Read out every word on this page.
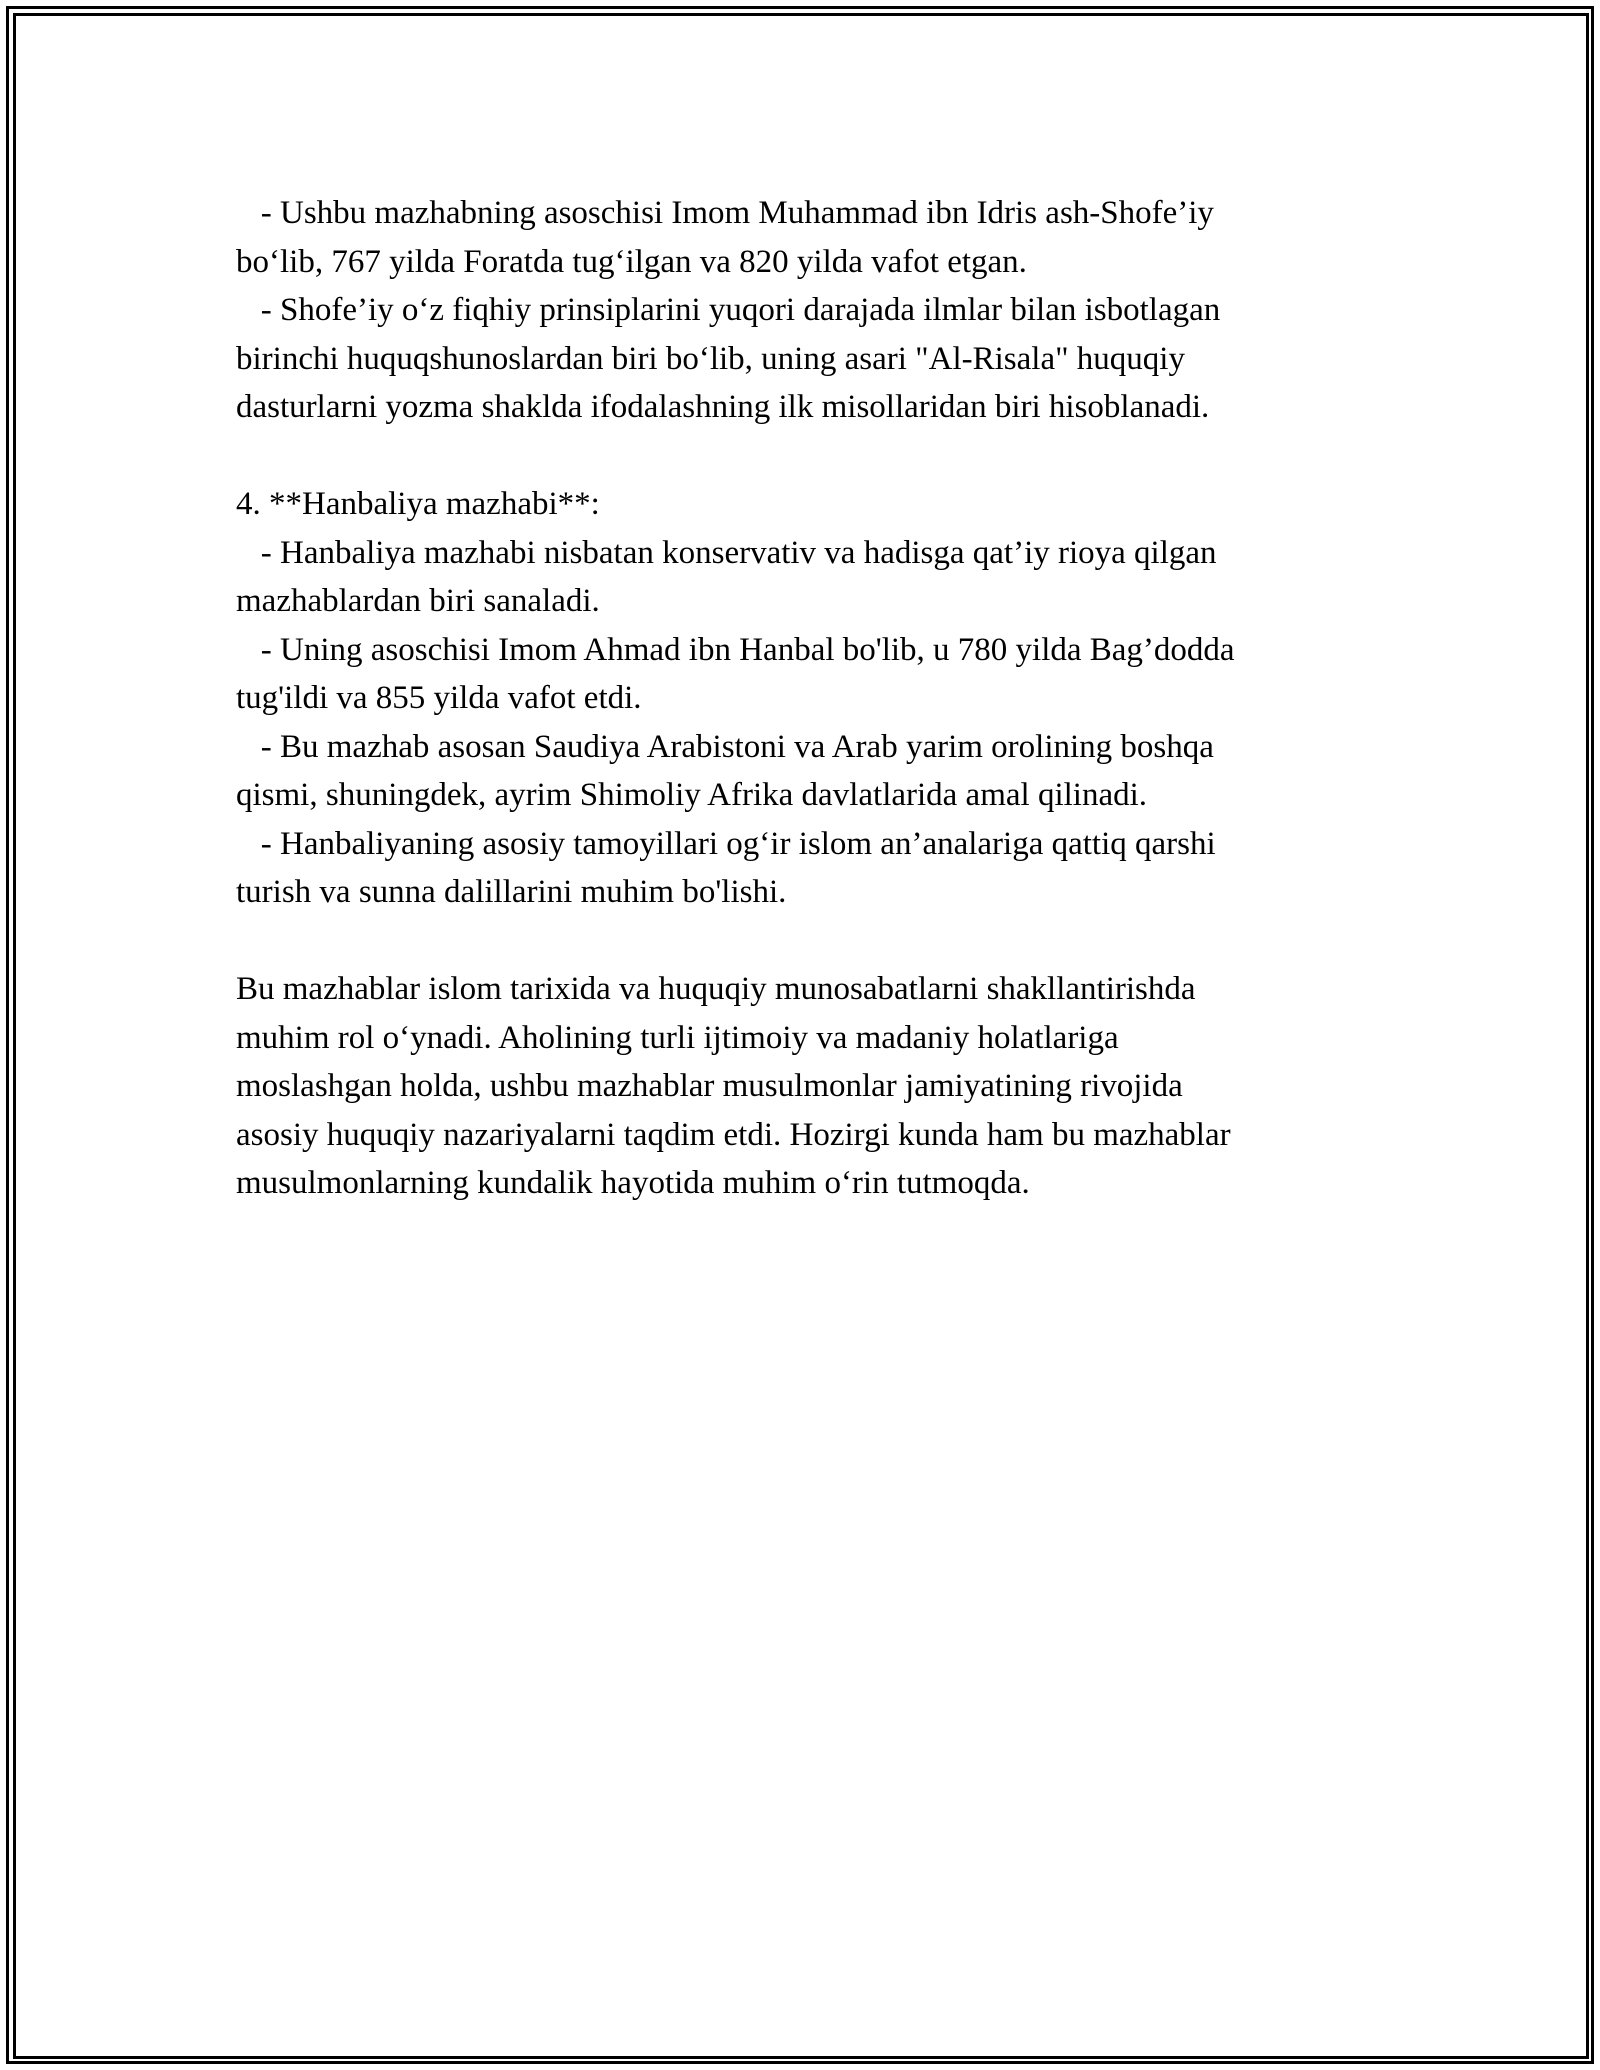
- Ushbu mazhabning asoschisi Imom Muhammad ibn Idris ash-Shofe’iy
bo‘lib, 767 yilda Foratda tug‘ilgan va 820 yilda vafot etgan.
- Shofe’iy o‘z fiqhiy prinsiplarini yuqori darajada ilmlar bilan isbotlagan
birinchi huquqshunoslardan biri bo‘lib, uning asari "Al-Risala" huquqiy
dasturlarni yozma shaklda ifodalashning ilk misollaridan biri hisoblanadi.
4. **Hanbaliya mazhabi**:
- Hanbaliya mazhabi nisbatan konservativ va hadisga qat’iy rioya qilgan
mazhablardan biri sanaladi.
- Uning asoschisi Imom Ahmad ibn Hanbal bo'lib, u 780 yilda Bag’dodda
tug'ildi va 855 yilda vafot etdi.
- Bu mazhab asosan Saudiya Arabistoni va Arab yarim orolining boshqa
qismi, shuningdek, ayrim Shimoliy Afrika davlatlarida amal qilinadi.
- Hanbaliyaning asosiy tamoyillari og‘ir islom an’analariga qattiq qarshi
turish va sunna dalillarini muhim bo'lishi.
Bu mazhablar islom tarixida va huquqiy munosabatlarni shakllantirishda
muhim rol o‘ynadi. Aholining turli ijtimoiy va madaniy holatlariga
moslashgan holda, ushbu mazhablar musulmonlar jamiyatining rivojida
asosiy huquqiy nazariyalarni taqdim etdi. Hozirgi kunda ham bu mazhablar
musulmonlarning kundalik hayotida muhim o‘rin tutmoqda.
